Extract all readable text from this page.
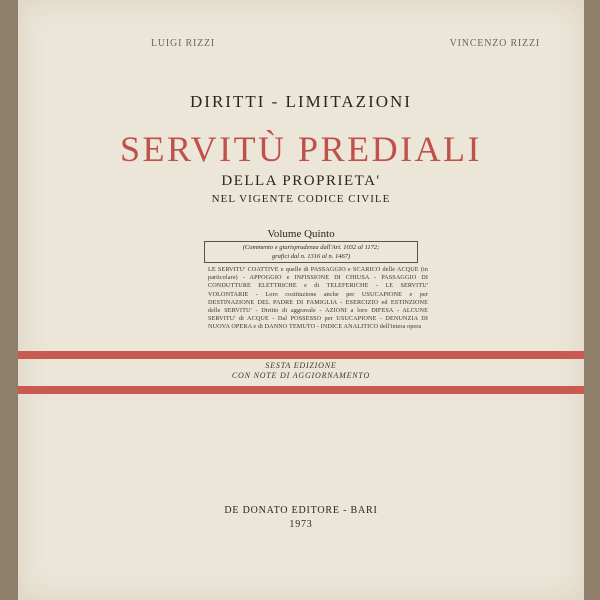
LUIGI RIZZI	VINCENZO RIZZI
DIRITTI - LIMITAZIONI
SERVITÙ PREDIALI
DELLA PROPRIETA'
NEL VIGENTE CODICE CIVILE
Volume Quinto
(Commento e giurisprudenza dall'Art. 1032 al 1172;
grafici dal n. 1316 al n. 1467)

LE SERVITU' COATTIVE e quelle di PASSAGGIO e SCARICO delle ACQUE (in particolare) - APPOGGIO e INFISSIONE DI CHIUSA - PASSAGGIO DI CONDUTTURE ELETTRICHE e di TELEFERICHE - LE SERVITU' VOLONTARIE - Loro costituzione anche per USUCAPIONE e per DESTINAZIONE DEL PADRE DI FAMIGLIA - ESERCIZIO ed ESTINZIONE delle SERVITU' - Diritto di aggravale - AZIONI a loro DIFESA - ALCUNE SERVITU' di ACQUE - Dal POSSESSO per USUCAPIONE - DENUNZIA DI NUOVA OPERA e di DANNO TEMUTO - INDICE ANALITICO dell'intera opera

SESTA EDIZIONE
CON NOTE DI AGGIORNAMENTO
DE DONATO EDITORE - BARI
1973
